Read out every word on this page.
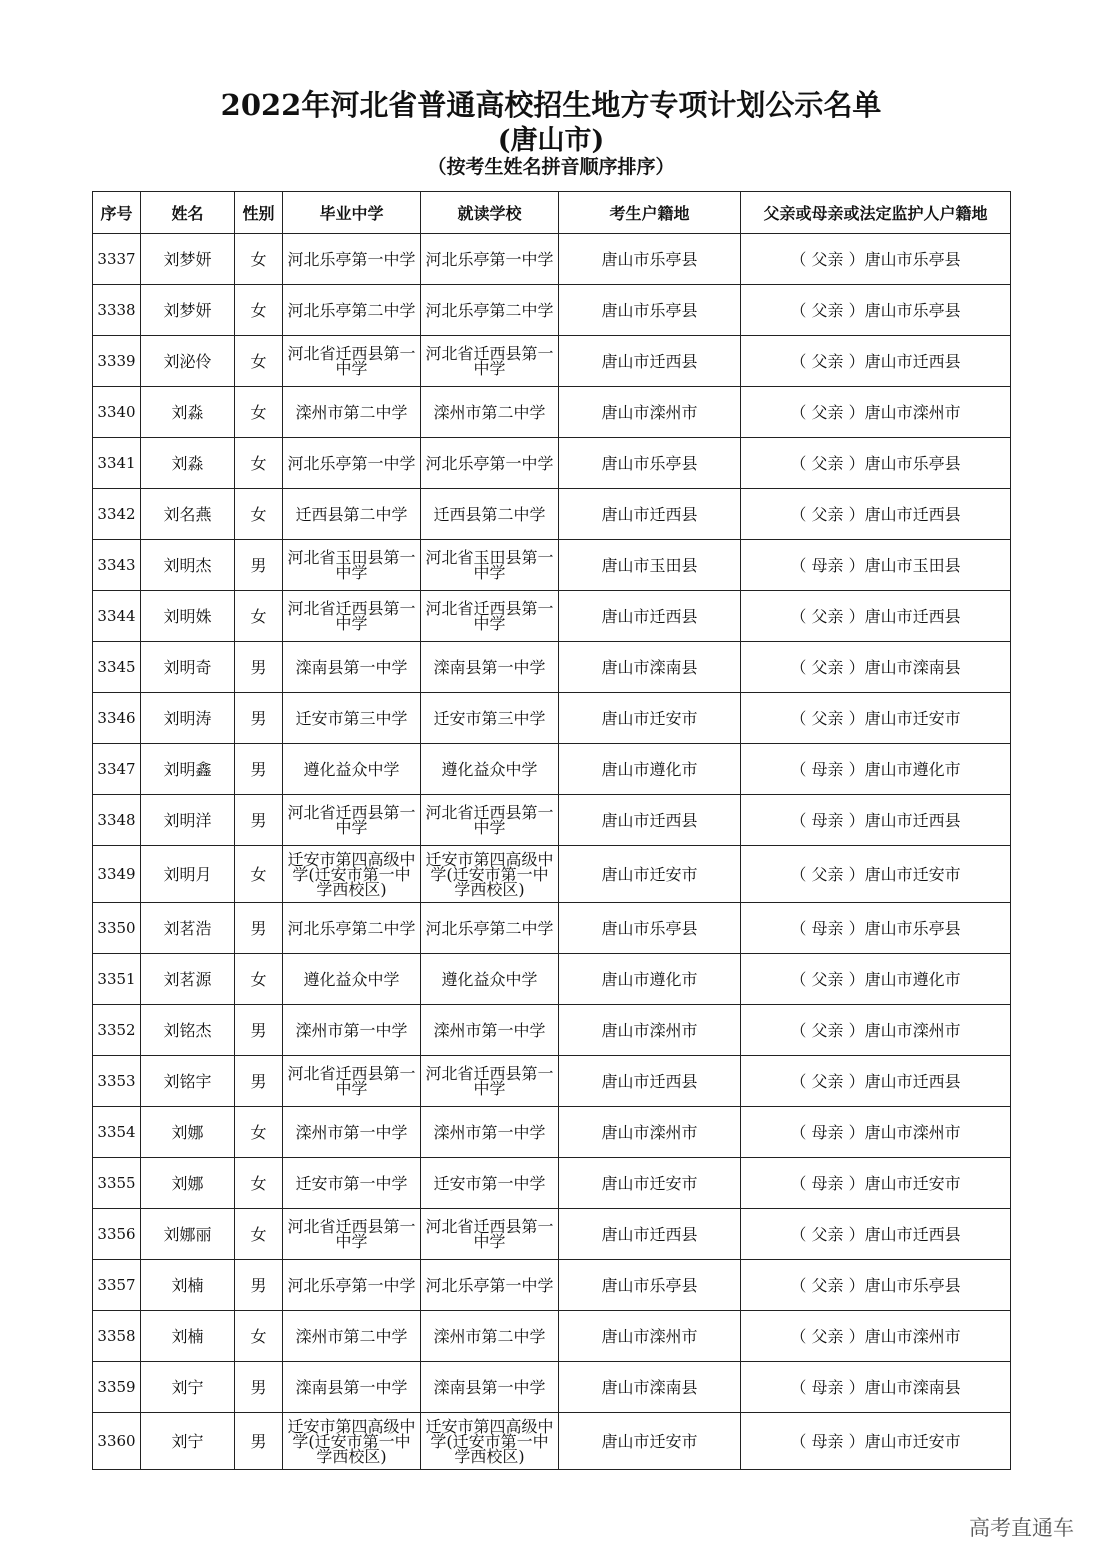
2022年河北省普通高校招生地方专项计划公示名单
(唐山市)
（按考生姓名拼音顺序排序）
序号	姓名	性别	毕业中学	就读学校	考生户籍地	父亲或母亲或法定监护人户籍地
3337	刘梦妍	女	河北乐亭第一中学	河北乐亭第一中学	唐山市乐亭县	（ 父亲 ）唐山市乐亭县
3338	刘梦妍	女	河北乐亭第二中学	河北乐亭第二中学	唐山市乐亭县	（ 父亲 ）唐山市乐亭县
3339	刘泌伶	女	河北省迁西县第一中学	河北省迁西县第一中学	唐山市迁西县	（ 父亲 ）唐山市迁西县
3340	刘淼	女	滦州市第二中学	滦州市第二中学	唐山市滦州市	（ 父亲 ）唐山市滦州市
3341	刘淼	女	河北乐亭第一中学	河北乐亭第一中学	唐山市乐亭县	（ 父亲 ）唐山市乐亭县
3342	刘名燕	女	迁西县第二中学	迁西县第二中学	唐山市迁西县	（ 父亲 ）唐山市迁西县
3343	刘明杰	男	河北省玉田县第一中学	河北省玉田县第一中学	唐山市玉田县	（ 母亲 ）唐山市玉田县
3344	刘明姝	女	河北省迁西县第一中学	河北省迁西县第一中学	唐山市迁西县	（ 父亲 ）唐山市迁西县
3345	刘明奇	男	滦南县第一中学	滦南县第一中学	唐山市滦南县	（ 父亲 ）唐山市滦南县
3346	刘明涛	男	迁安市第三中学	迁安市第三中学	唐山市迁安市	（ 父亲 ）唐山市迁安市
3347	刘明鑫	男	遵化益众中学	遵化益众中学	唐山市遵化市	（ 母亲 ）唐山市遵化市
3348	刘明洋	男	河北省迁西县第一中学	河北省迁西县第一中学	唐山市迁西县	（ 母亲 ）唐山市迁西县
3349	刘明月	女	迁安市第四高级中学(迁安市第一中学西校区)	迁安市第四高级中学(迁安市第一中学西校区)	唐山市迁安市	（ 父亲 ）唐山市迁安市
3350	刘茗浩	男	河北乐亭第二中学	河北乐亭第二中学	唐山市乐亭县	（ 母亲 ）唐山市乐亭县
3351	刘茗源	女	遵化益众中学	遵化益众中学	唐山市遵化市	（ 父亲 ）唐山市遵化市
3352	刘铭杰	男	滦州市第一中学	滦州市第一中学	唐山市滦州市	（ 父亲 ）唐山市滦州市
3353	刘铭宇	男	河北省迁西县第一中学	河北省迁西县第一中学	唐山市迁西县	（ 父亲 ）唐山市迁西县
3354	刘娜	女	滦州市第一中学	滦州市第一中学	唐山市滦州市	（ 母亲 ）唐山市滦州市
3355	刘娜	女	迁安市第一中学	迁安市第一中学	唐山市迁安市	（ 母亲 ）唐山市迁安市
3356	刘娜丽	女	河北省迁西县第一中学	河北省迁西县第一中学	唐山市迁西县	（ 父亲 ）唐山市迁西县
3357	刘楠	男	河北乐亭第一中学	河北乐亭第一中学	唐山市乐亭县	（ 父亲 ）唐山市乐亭县
3358	刘楠	女	滦州市第二中学	滦州市第二中学	唐山市滦州市	（ 父亲 ）唐山市滦州市
3359	刘宁	男	滦南县第一中学	滦南县第一中学	唐山市滦南县	（ 母亲 ）唐山市滦南县
3360	刘宁	男	迁安市第四高级中学(迁安市第一中学西校区)	迁安市第四高级中学(迁安市第一中学西校区)	唐山市迁安市	（ 母亲 ）唐山市迁安市
高考直通车
